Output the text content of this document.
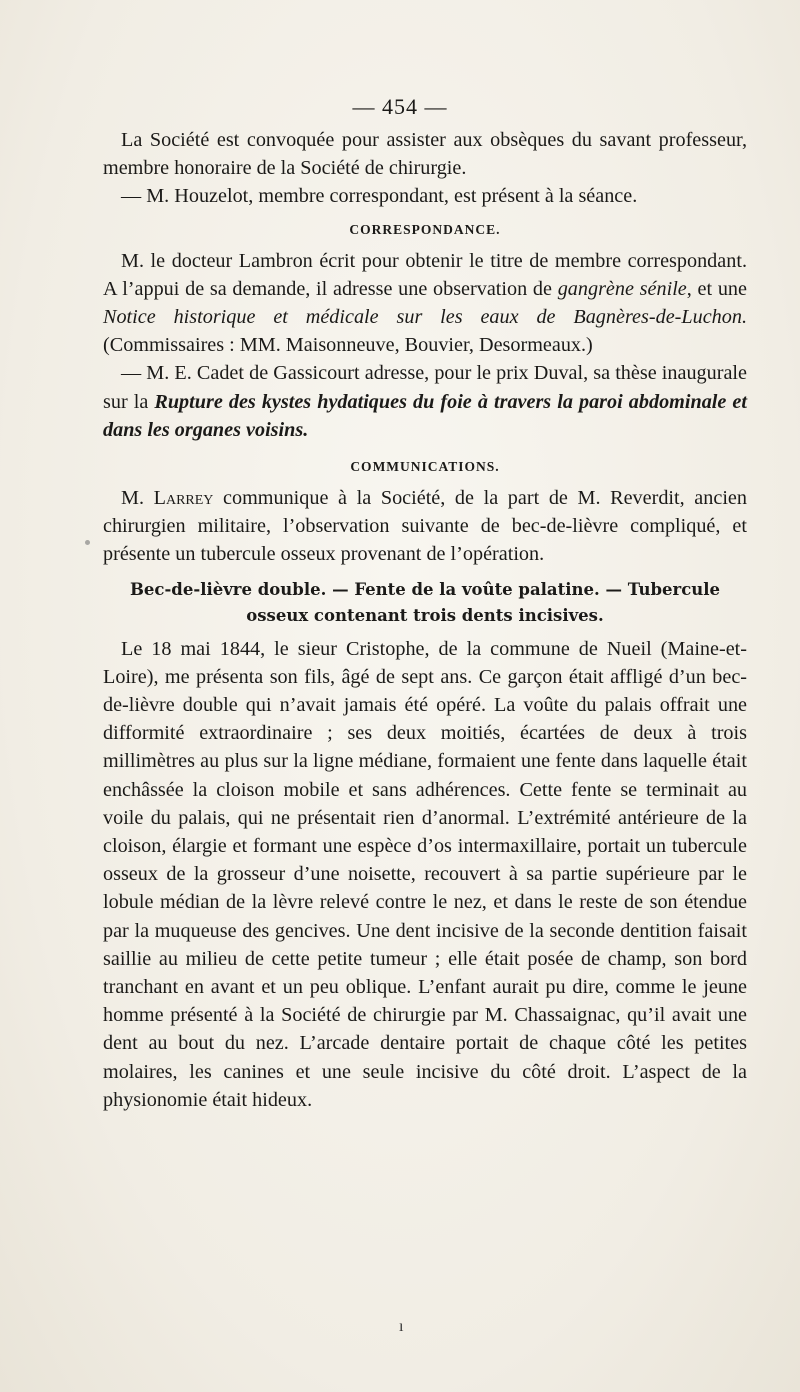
— 454 —

La Société est convoquée pour assister aux obsèques du savant professeur, membre honoraire de la Société de chirurgie.

— M. Houzelot, membre correspondant, est présent à la séance.

CORRESPONDANCE.

M. le docteur Lambron écrit pour obtenir le titre de membre correspondant. A l’appui de sa demande, il adresse une observation de gangrène sénile, et une Notice historique et médicale sur les eaux de Bagnères-de-Luchon. (Commissaires : MM. Maisonneuve, Bouvier, Desormeaux.)

— M. E. Cadet de Gassicourt adresse, pour le prix Duval, sa thèse inaugurale sur la Rupture des kystes hydatiques du foie à travers la paroi abdominale et dans les organes voisins.

COMMUNICATIONS.

M. Larrey communique à la Société, de la part de M. Reverdit, ancien chirurgien militaire, l’observation suivante de bec-de-lièvre compliqué, et présente un tubercule osseux provenant de l’opération.

Bec-de-lièvre double. — Fente de la voûte palatine. — Tubercule osseux contenant trois dents incisives.

Le 18 mai 1844, le sieur Cristophe, de la commune de Nueil (Maine-et-Loire), me présenta son fils, âgé de sept ans. Ce garçon était affligé d’un bec-de-lièvre double qui n’avait jamais été opéré. La voûte du palais offrait une difformité extraordinaire ; ses deux moitiés, écartées de deux à trois millimètres au plus sur la ligne médiane, formaient une fente dans laquelle était enchâssée la cloison mobile et sans adhérences. Cette fente se terminait au voile du palais, qui ne présentait rien d’anormal. L’extrémité antérieure de la cloison, élargie et formant une espèce d’os intermaxillaire, portait un tubercule osseux de la grosseur d’une noisette, recouvert à sa partie supérieure par le lobule médian de la lèvre relevé contre le nez, et dans le reste de son étendue par la muqueuse des gencives. Une dent incisive de la seconde dentition faisait saillie au milieu de cette petite tumeur ; elle était posée de champ, son bord tranchant en avant et un peu oblique. L’enfant aurait pu dire, comme le jeune homme présenté à la Société de chirurgie par M. Chassaignac, qu’il avait une dent au bout du nez. L’arcade dentaire portait de chaque côté les petites molaires, les canines et une seule incisive du côté droit. L’aspect de la physionomie était hideux.

ı
